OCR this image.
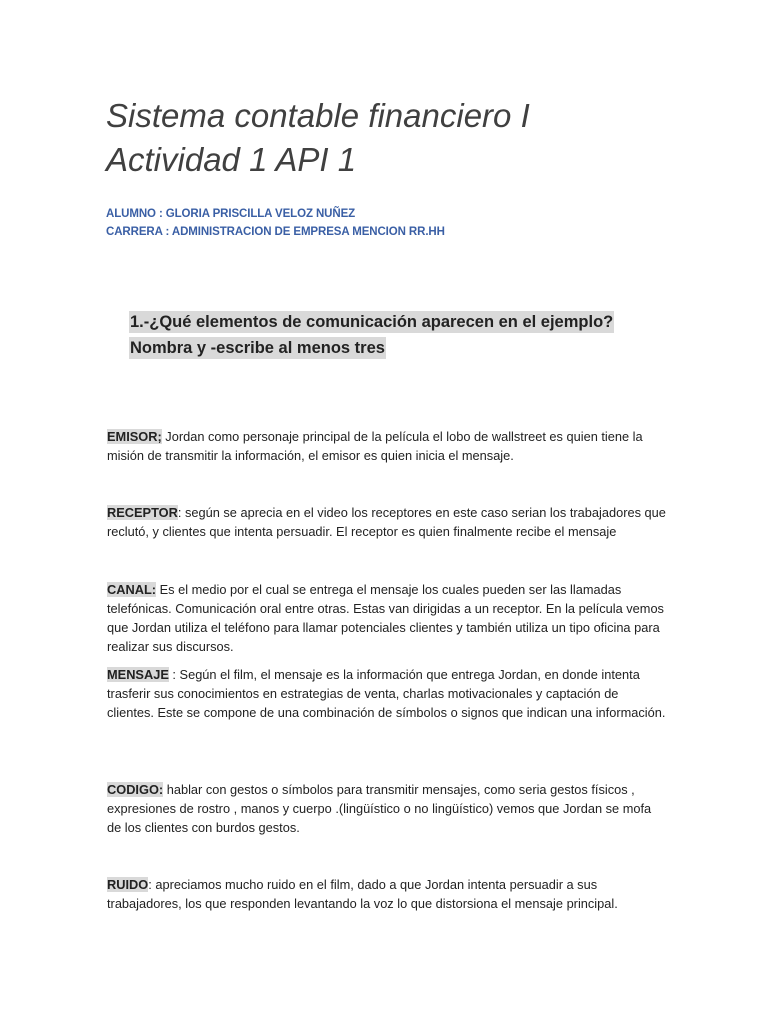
Sistema contable financiero I
Actividad 1 API 1
ALUMNO : GLORIA PRISCILLA VELOZ NUÑEZ
CARRERA : ADMINISTRACION DE EMPRESA MENCION RR.HH
1.-¿Qué elementos de comunicación aparecen en el ejemplo?
Nombra y -escribe al menos tres

EMISOR; Jordan como personaje principal de la película el lobo de wallstreet es quien tiene la misión de transmitir la información, el emisor es quien inicia el mensaje.

RECEPTOR: según se aprecia en el video los receptores en este caso serian los trabajadores que reclutó, y clientes que intenta persuadir. El receptor es quien finalmente recibe el mensaje

CANAL: Es el medio por el cual se entrega el mensaje los cuales pueden ser las llamadas telefónicas. Comunicación oral entre otras. Estas van dirigidas a un receptor. En la película vemos que Jordan utiliza el teléfono para llamar potenciales clientes y también utiliza un tipo oficina para realizar sus discursos.

MENSAJE : Según el film, el mensaje es la información que entrega Jordan, en donde intenta trasferir sus conocimientos en estrategias de venta, charlas motivacionales y captación de clientes. Este se compone de una combinación de símbolos o signos que indican una información.

CODIGO: hablar con gestos o símbolos para transmitir mensajes, como seria gestos físicos , expresiones de rostro , manos y cuerpo .(lingüístico o no lingüístico) vemos que Jordan se mofa de los clientes con burdos gestos.

RUIDO: apreciamos mucho ruido en el film, dado a que Jordan intenta persuadir a sus trabajadores, los que responden levantando la voz lo que distorsiona el mensaje principal.
